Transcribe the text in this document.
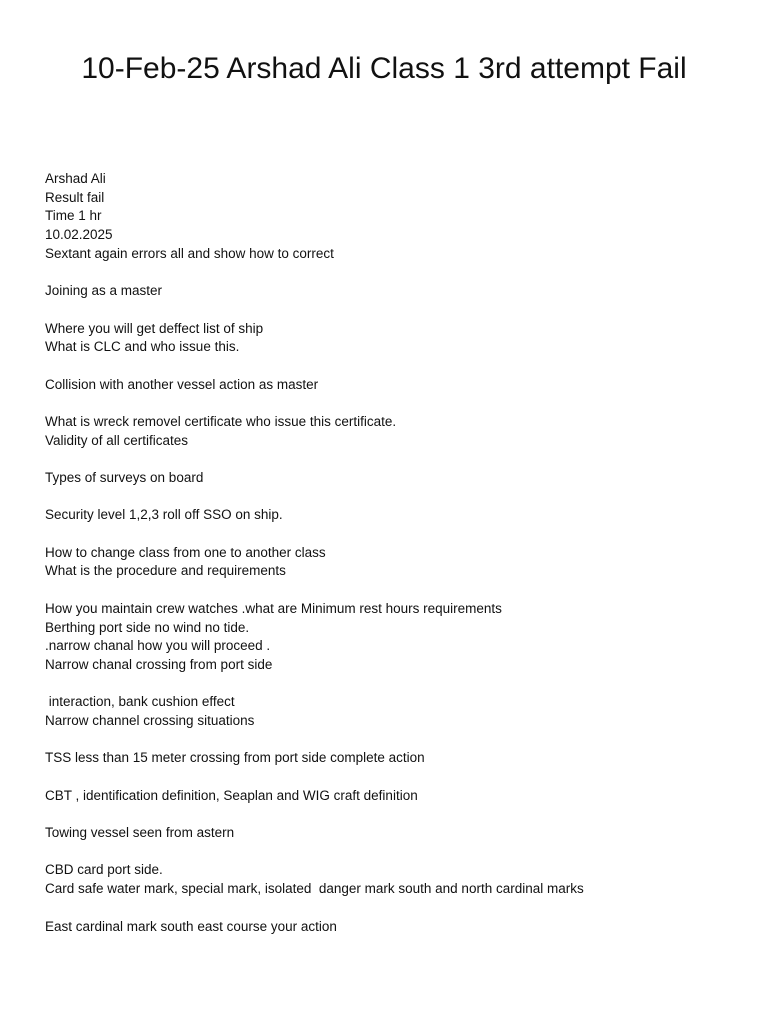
10-Feb-25 Arshad Ali Class 1 3rd attempt Fail
Arshad Ali
Result fail
Time 1 hr
10.02.2025
Sextant again errors all and show how to correct
Joining as a master
Where you will get deffect list of ship
What is CLC and who issue this.
Collision with another vessel action as master
What is wreck removel certificate who issue this certificate.
Validity of all certificates
Types of surveys on board
Security level 1,2,3 roll off SSO on ship.
How to change class from one to another class
What is the procedure and requirements
How you maintain crew watches .what are Minimum rest hours requirements
Berthing port side no wind no tide.
.narrow chanal how you will proceed .
Narrow chanal crossing from port side
interaction, bank cushion effect
Narrow channel crossing situations
TSS less than 15 meter crossing from port side complete action
CBT , identification definition, Seaplan and WIG craft definition
Towing vessel seen from astern
CBD card port side.
Card safe water mark, special mark, isolated  danger mark south and north cardinal marks
East cardinal mark south east course your action
